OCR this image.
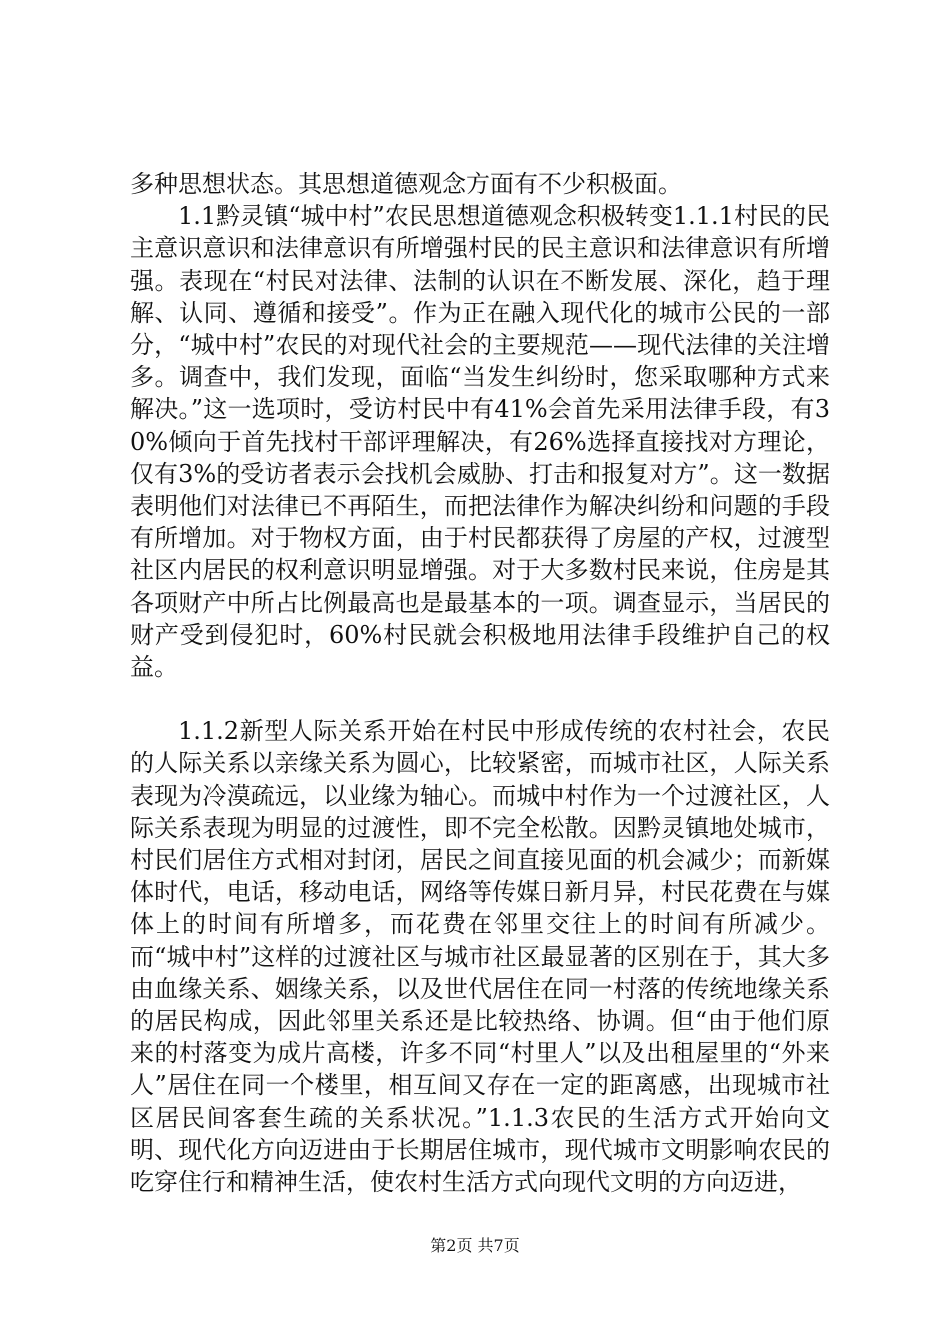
多种思想状态。其思想道德观念方面有不少积极面。

1.1黔灵镇“城中村”农民思想道德观念积极转变1.1.1村民的民主意识意识和法律意识有所增强村民的民主意识和法律意识有所增强。表现在“村民对法律、法制的认识在不断发展、深化，趋于理解、认同、遵循和接受”。作为正在融入现代化的城市公民的一部分，“城中村”农民的对现代社会的主要规范——现代法律的关注增多。调查中，我们发现，面临“当发生纠纷时，您采取哪种方式来解决。”这一选项时，受访村民中有41%会首先采用法律手段，有30%倾向于首先找村干部评理解决，有26%选择直接找对方理论，仅有3%的受访者表示会找机会威胁、打击和报复对方”。这一数据表明他们对法律已不再陌生，而把法律作为解决纠纷和问题的手段有所增加。对于物权方面，由于村民都获得了房屋的产权，过渡型社区内居民的权利意识明显增强。对于大多数村民来说，住房是其各项财产中所占比例最高也是最基本的一项。调查显示，当居民的财产受到侵犯时，60%村民就会积极地用法律手段维护自己的权益。

1.1.2新型人际关系开始在村民中形成传统的农村社会，农民的人际关系以亲缘关系为圆心，比较紧密，而城市社区，人际关系表现为冷漠疏远，以业缘为轴心。而城中村作为一个过渡社区，人际关系表现为明显的过渡性，即不完全松散。因黔灵镇地处城市，村民们居住方式相对封闭，居民之间直接见面的机会减少；而新媒体时代，电话，移动电话，网络等传媒日新月异，村民花费在与媒体上的时间有所增多，而花费在邻里交往上的时间有所减少。而“城中村”这样的过渡社区与城市社区最显著的区别在于，其大多由血缘关系、姻缘关系，以及世代居住在同一村落的传统地缘关系的居民构成，因此邻里关系还是比较热络、协调。但“由于他们原来的村落变为成片高楼，许多不同“村里人”以及出租屋里的“外来人”居住在同一个楼里，相互间又存在一定的距离感，出现城市社区居民间客套生疏的关系状况。”1.1.3农民的生活方式开始向文明、现代化方向迈进由于长期居住城市，现代城市文明影响农民的吃穿住行和精神生活，使农村生活方式向现代文明的方向迈进，

第2页 共7页
